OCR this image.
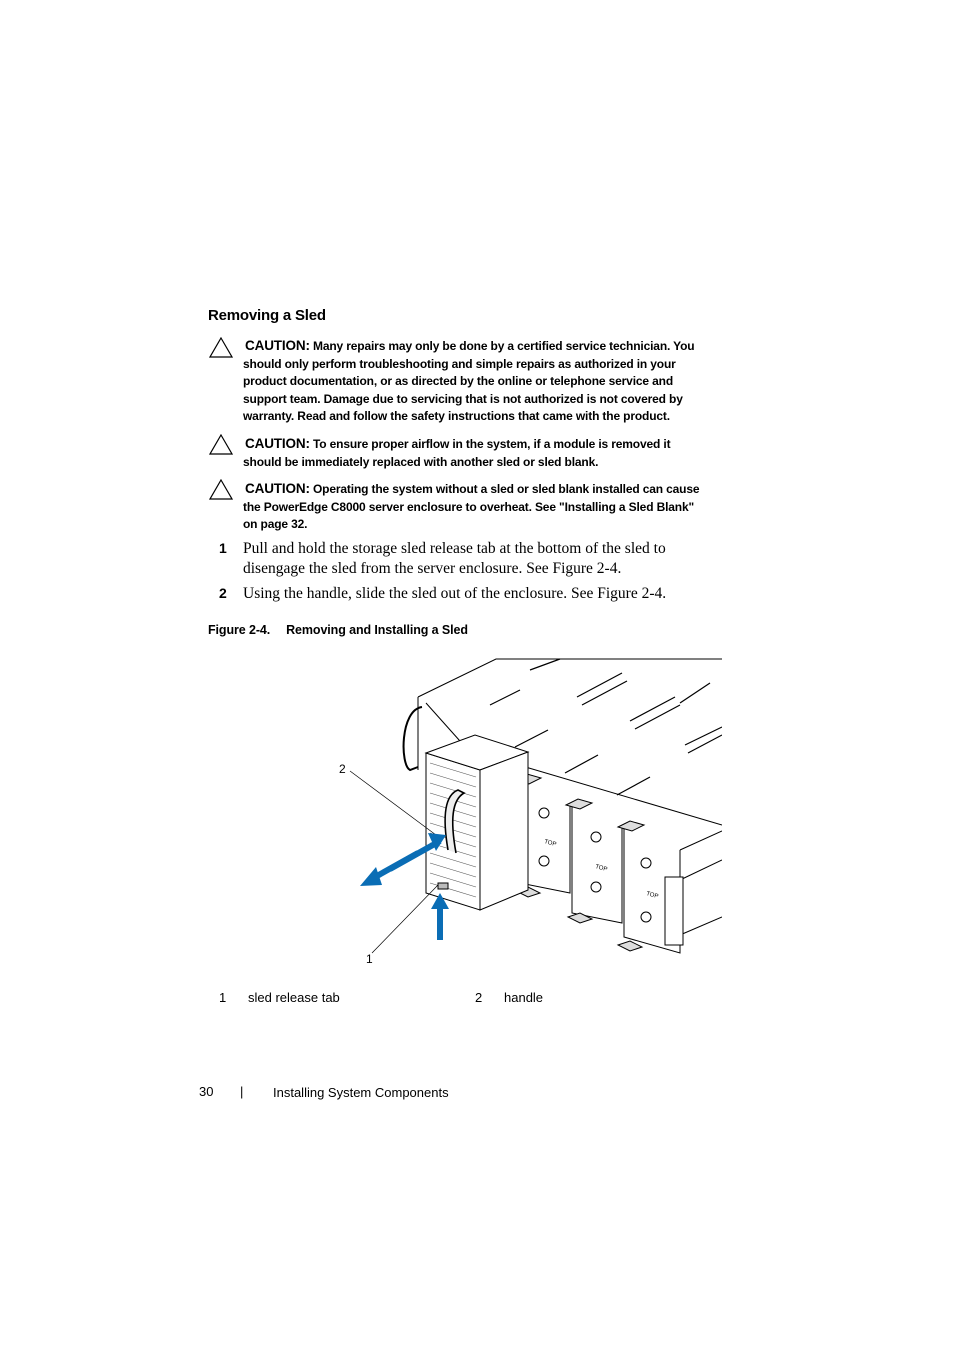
Removing a Sled
CAUTION: Many repairs may only be done by a certified service technician. You
should only perform troubleshooting and simple repairs as authorized in your
product documentation, or as directed by the online or telephone service and
support team. Damage due to servicing that is not authorized is not covered by
warranty. Read and follow the safety instructions that came with the product.
CAUTION: To ensure proper airflow in the system, if a module is removed it
should be immediately replaced with another sled or sled blank.
CAUTION: Operating the system without a sled or sled blank installed can cause
the PowerEdge C8000 server enclosure to overheat. See "Installing a Sled Blank"
on page 32.
1 Pull and hold the storage sled release tab at the bottom of the sled to
disengage the sled from the server enclosure. See Figure 2-4.
2 Using the handle, slide the sled out of the enclosure. See Figure 2-4.
Figure 2-4. Removing and Installing a Sled
2
1
TOP
TOP
TOP
1 sled release tab	2 handle
30 | Installing System Components
